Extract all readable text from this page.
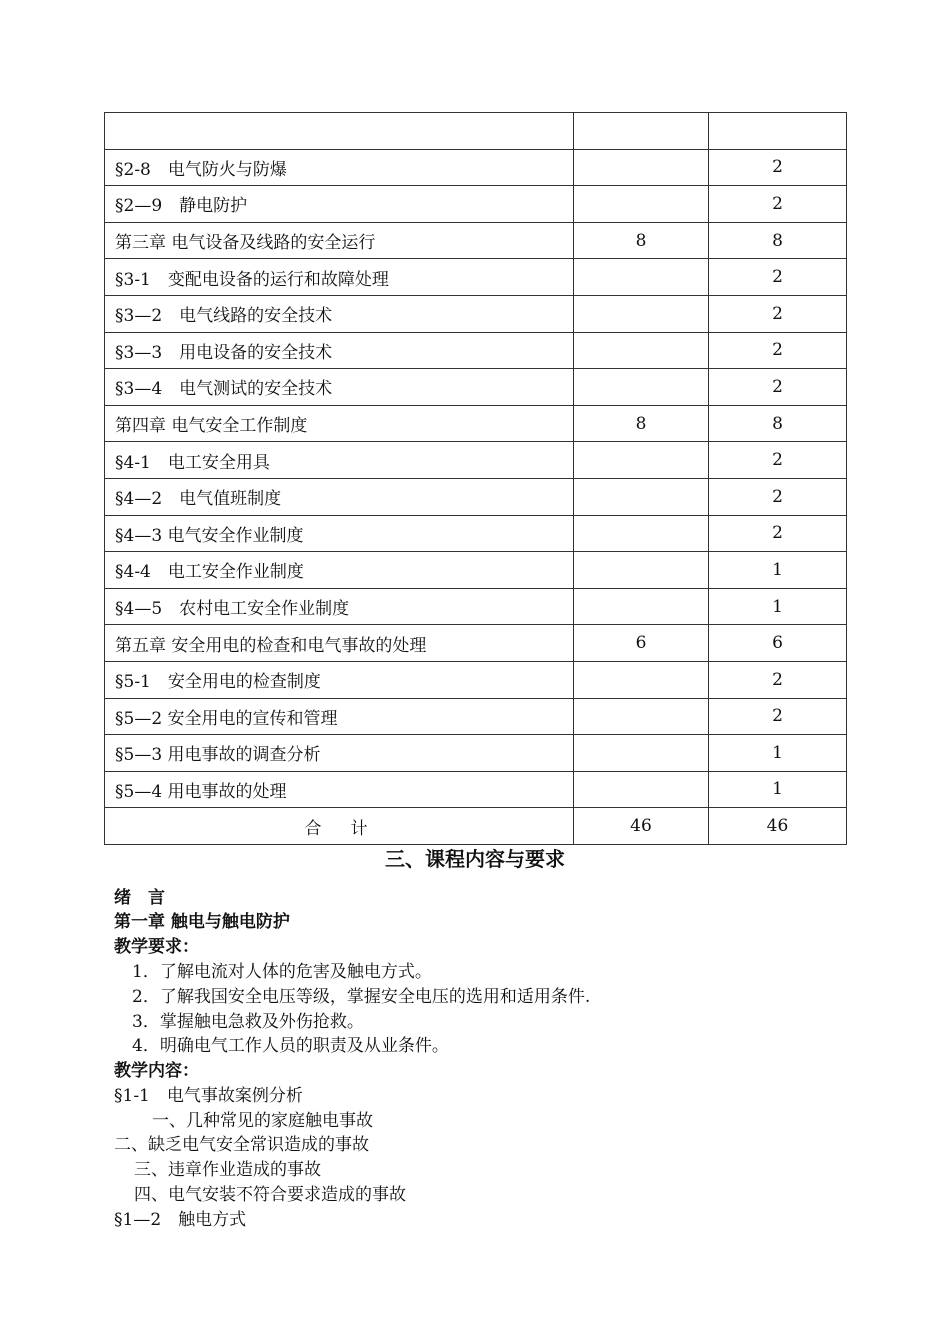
§2-8　电气防火与防爆		2
§2—9　静电防护		2
第三章 电气设备及线路的安全运行	8	8
§3-1　变配电设备的运行和故障处理		2
§3—2　电气线路的安全技术		2
§3—3　用电设备的安全技术		2
§3—4　电气测试的安全技术		2
第四章 电气安全工作制度	8	8
§4-1　电工安全用具		2
§4—2　电气值班制度		2
§4—3 电气安全作业制度		2
§4-4　电工安全作业制度		1
§4—5　农村电工安全作业制度		1
第五章 安全用电的检查和电气事故的处理	6	6
§5-1　安全用电的检查制度		2
§5—2 安全用电的宣传和管理		2
§5—3 用电事故的调查分析		1
§5—4 用电事故的处理		1
合　计	46	46
三、课程内容与要求
绪　言
第一章 触电与触电防护
教学要求：
1．了解电流对人体的危害及触电方式。
2．了解我国安全电压等级，掌握安全电压的选用和适用条件.
3．掌握触电急救及外伤抢救。
4．明确电气工作人员的职责及从业条件。
教学内容：
§1-1　电气事故案例分析
一、几种常见的家庭触电事故
二、缺乏电气安全常识造成的事故
三、违章作业造成的事故
四、电气安装不符合要求造成的事故
§1—2　触电方式
